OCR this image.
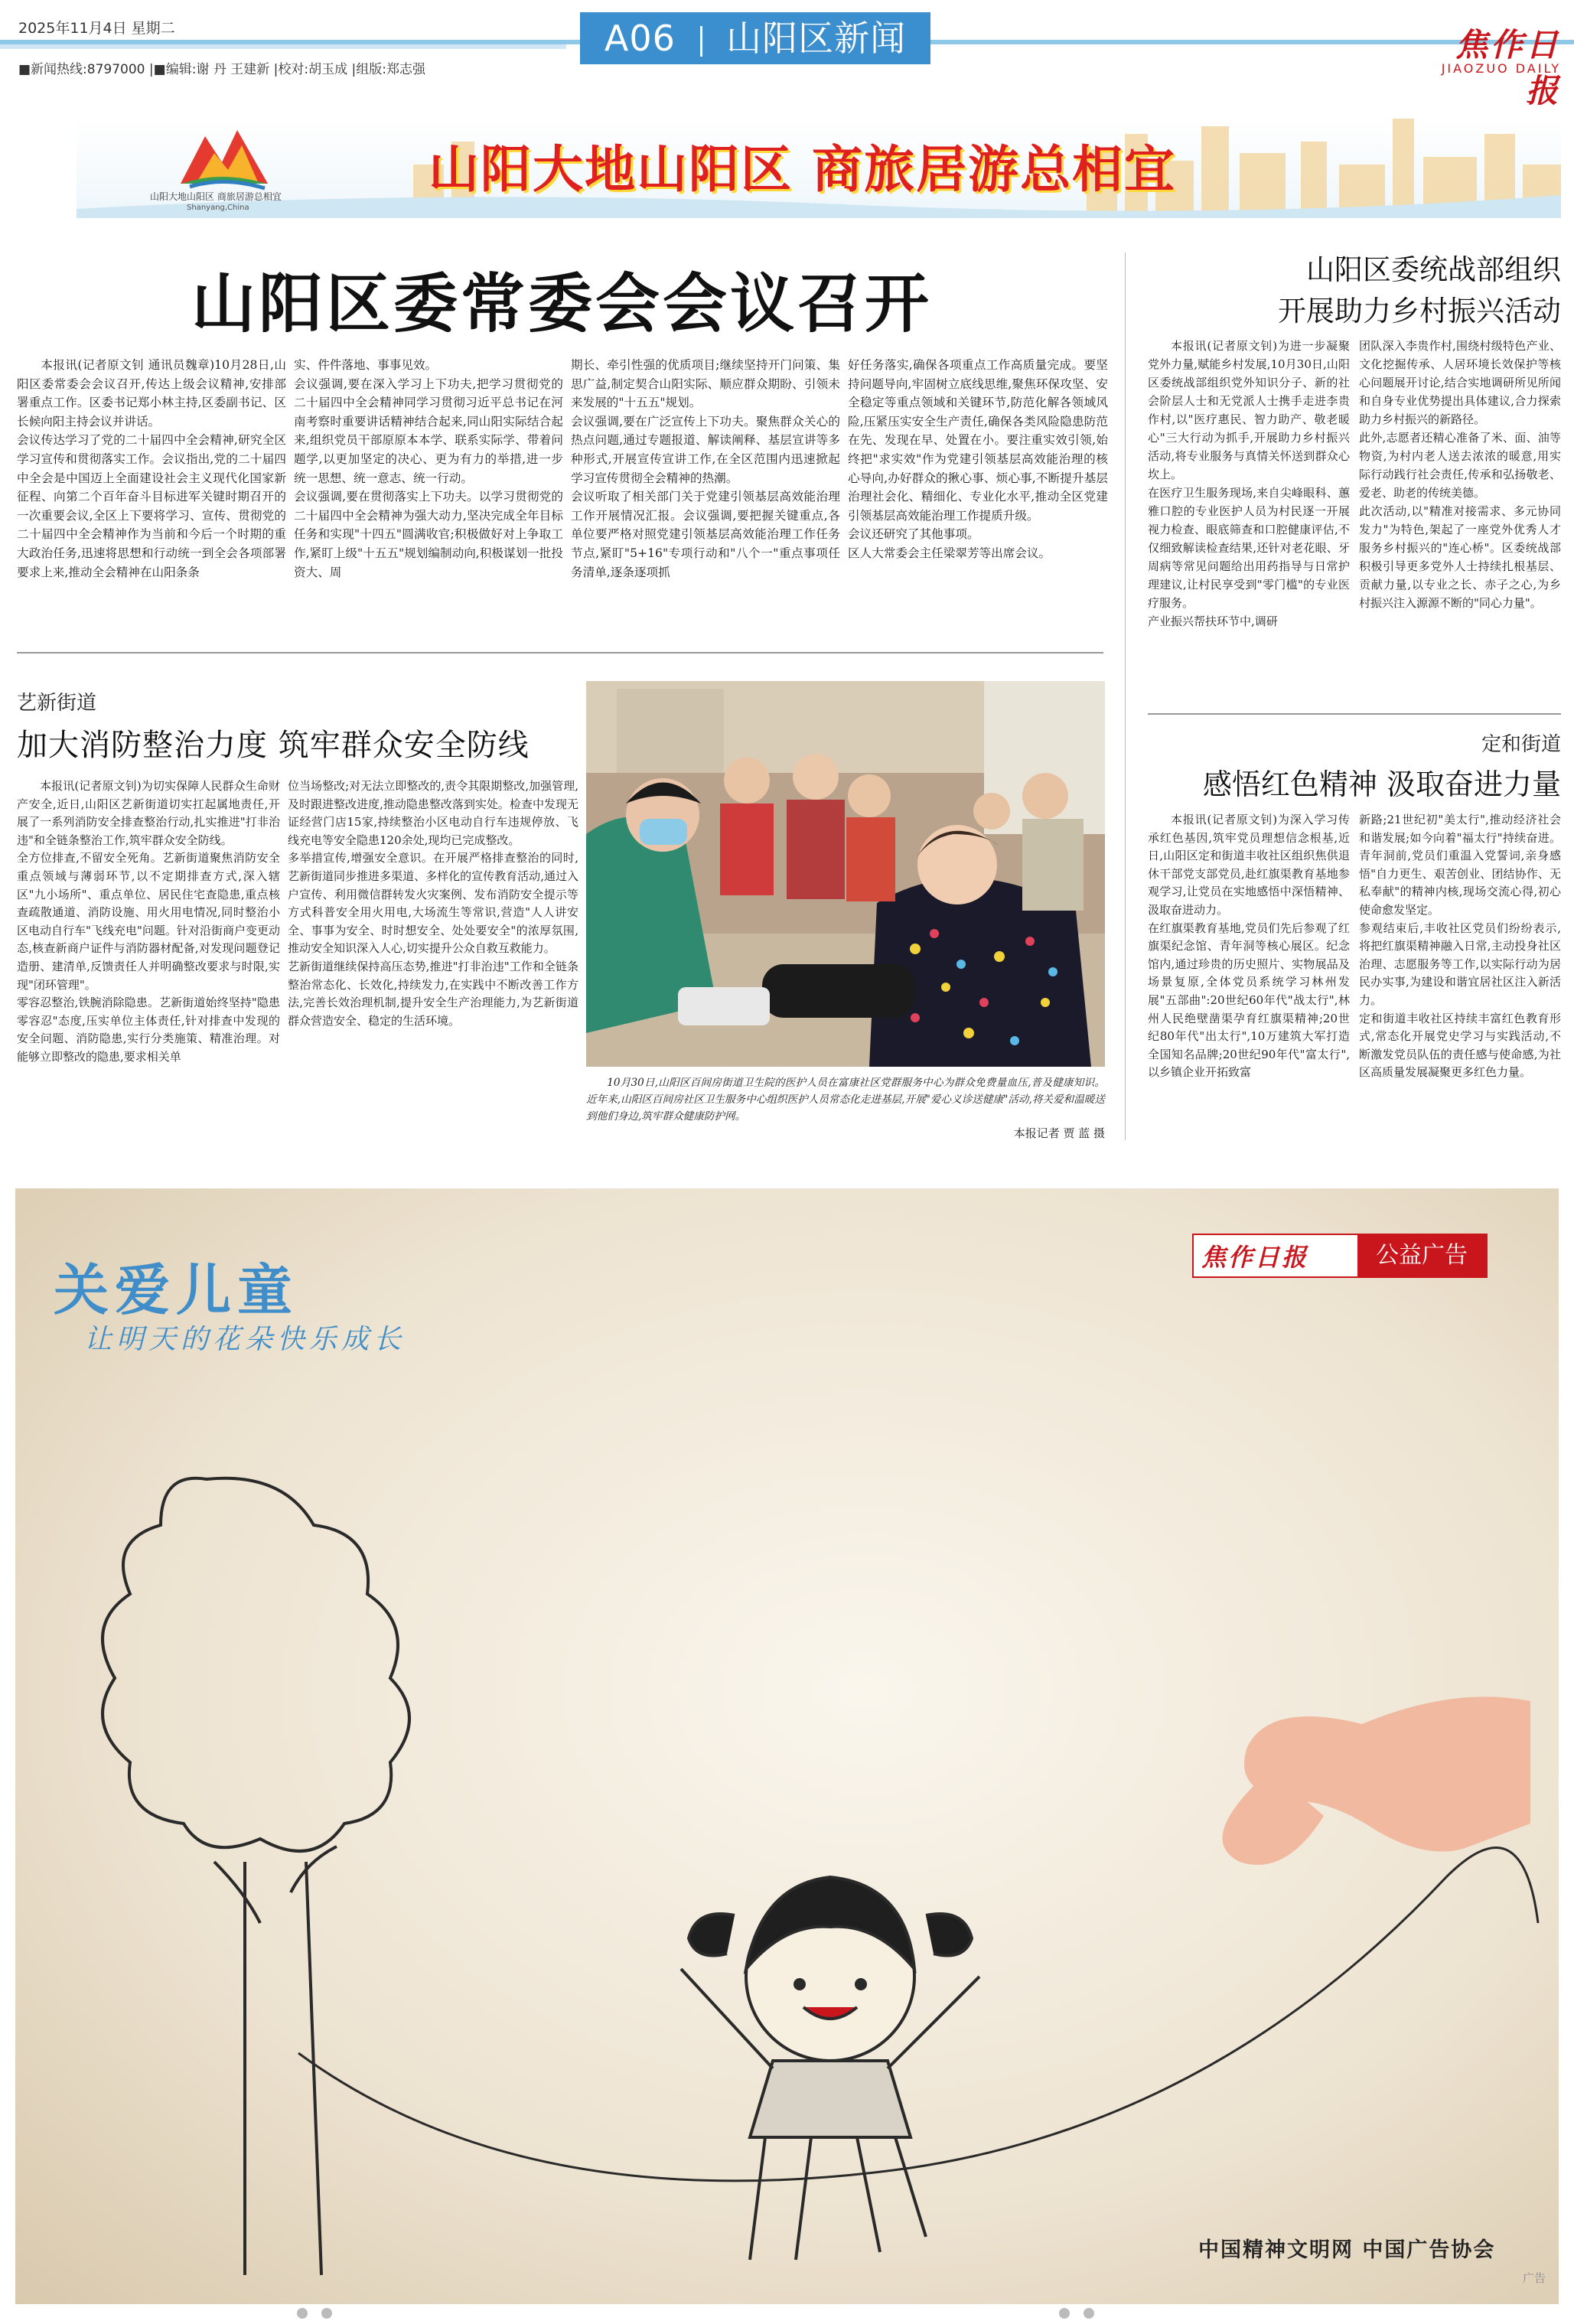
2025年11月4日 星期二	A06 山阳区新闻
■新闻热线:8797000 |■编辑:谢 丹 王建新 |校对:胡玉成 |组版:郑志强
焦作日报
JIAOZUO DAILY
山阳大地山阳区 商旅居游总相宜
Shanyang,China
山阳大地山阳区 商旅居游总相宜
山阳区委常委会会议召开

本报讯(记者原文钊 通讯员魏章)10月28日,山阳区委常委会会议召开,传达上级会议精神,安排部署重点工作。区委书记郑小林主持,区委副书记、区长候向阳主持会议并讲话。
会议传达学习了党的二十届四中全会精神,研究全区学习宣传和贯彻落实工作。会议指出,党的二十届四中全会是中国迈上全面建设社会主义现代化国家新征程、向第二个百年奋斗目标进军关键时期召开的一次重要会议,全区上下要将学习、宣传、贯彻党的二十届四中全会精神作为当前和今后一个时期的重大政治任务,迅速将思想和行动统一到全会各项部署要求上来,推动全会精神在山阳条条

实、件件落地、事事见效。
会议强调,要在深入学习上下功夫,把学习贯彻党的二十届四中全会精神同学习贯彻习近平总书记在河南考察时重要讲话精神结合起来,同山阳实际结合起来,组织党员干部原原本本学、联系实际学、带着问题学,以更加坚定的决心、更为有力的举措,进一步统一思想、统一意志、统一行动。
会议强调,要在贯彻落实上下功夫。以学习贯彻党的二十届四中全会精神为强大动力,坚决完成全年目标任务和实现"十四五"圆满收官;积极做好对上争取工作,紧盯上级"十五五"规划编制动向,积极谋划一批投资大、周

期长、牵引性强的优质项目;继续坚持开门问策、集思广益,制定契合山阳实际、顺应群众期盼、引领未来发展的"十五五"规划。
会议强调,要在广泛宣传上下功夫。聚焦群众关心的热点问题,通过专题报道、解读阐释、基层宣讲等多种形式,开展宣传宣讲工作,在全区范围内迅速掀起学习宣传贯彻全会精神的热潮。
会议听取了相关部门关于党建引领基层高效能治理工作开展情况汇报。会议强调,要把握关键重点,各单位要严格对照党建引领基层高效能治理工作任务节点,紧盯"5+16"专项行动和"八个一"重点事项任务清单,逐条逐项抓

好任务落实,确保各项重点工作高质量完成。要坚持问题导向,牢固树立底线思维,聚焦环保攻坚、安全稳定等重点领域和关键环节,防范化解各领域风险,压紧压实安全生产责任,确保各类风险隐患防范在先、发现在早、处置在小。要注重实效引领,始终把"求实效"作为党建引领基层高效能治理的核心导向,办好群众的揪心事、烦心事,不断提升基层治理社会化、精细化、专业化水平,推动全区党建引领基层高效能治理工作提质升级。
会议还研究了其他事项。
区人大常委会主任梁翠芳等出席会议。

山阳区委统战部组织
开展助力乡村振兴活动

本报讯(记者原文钊)为进一步凝聚党外力量,赋能乡村发展,10月30日,山阳区委统战部组织党外知识分子、新的社会阶层人士和无党派人士携手走进李贵作村,以"医疗惠民、智力助产、敬老暖心"三大行动为抓手,开展助力乡村振兴活动,将专业服务与真情关怀送到群众心坎上。
在医疗卫生服务现场,来自尖峰眼科、蕙雅口腔的专业医护人员为村民逐一开展视力检查、眼底筛查和口腔健康评估,不仅细致解读检查结果,还针对老花眼、牙周病等常见问题给出用药指导与日常护理建议,让村民享受到"零门槛"的专业医疗服务。
产业振兴帮扶环节中,调研

团队深入李贵作村,围绕村级特色产业、文化挖掘传承、人居环境长效保护等核心问题展开讨论,结合实地调研所见所闻和自身专业优势提出具体建议,合力探索助力乡村振兴的新路径。
此外,志愿者还精心准备了米、面、油等物资,为村内老人送去浓浓的暖意,用实际行动践行社会责任,传承和弘扬敬老、爱老、助老的传统美德。
此次活动,以"精准对接需求、多元协同发力"为特色,架起了一座党外优秀人才服务乡村振兴的"连心桥"。区委统战部积极引导更多党外人士持续扎根基层、贡献力量,以专业之长、赤子之心,为乡村振兴注入源源不断的"同心力量"。

艺新街道
加大消防整治力度 筑牢群众安全防线

本报讯(记者原文钊)为切实保障人民群众生命财产安全,近日,山阳区艺新街道切实扛起属地责任,开展了一系列消防安全排查整治行动,扎实推进"打非治违"和全链条整治工作,筑牢群众安全防线。
全方位排查,不留安全死角。艺新街道聚焦消防安全重点领域与薄弱环节,以不定期排查方式,深入辖区"九小场所"、重点单位、居民住宅查隐患,重点核查疏散通道、消防设施、用火用电情况,同时整治小区电动自行车"飞线充电"问题。针对沿街商户变更动态,核查新商户证件与消防器材配备,对发现问题登记造册、建清单,反馈责任人并明确整改要求与时限,实现"闭环管理"。
零容忍整治,铁腕消除隐患。艺新街道始终坚持"隐患零容忍"态度,压实单位主体责任,针对排查中发现的安全问题、消防隐患,实行分类施策、精准治理。对能够立即整改的隐患,要求相关单

位当场整改;对无法立即整改的,责令其限期整改,加强管理,及时跟进整改进度,推动隐患整改落到实处。检查中发现无证经营门店15家,持续整治小区电动自行车违规停放、飞线充电等安全隐患120余处,现均已完成整改。
多举措宣传,增强安全意识。在开展严格排查整治的同时,艺新街道同步推进多渠道、多样化的宣传教育活动,通过入户宣传、利用微信群转发火灾案例、发布消防安全提示等方式科普安全用火用电,大场流生等常识,营造"人人讲安全、事事为安全、时时想安全、处处要安全"的浓厚氛围,推动安全知识深入人心,切实提升公众自救互救能力。
艺新街道继续保持高压态势,推进"打非治违"工作和全链条整治常态化、长效化,持续发力,在实践中不断改善工作方法,完善长效治理机制,提升安全生产治理能力,为艺新街道群众营造安全、稳定的生活环境。

10月30日,山阳区百间房街道卫生院的医护人员在富康社区党群服务中心为群众免费量血压,普及健康知识。近年来,山阳区百间房社区卫生服务中心组织医护人员常态化走进基层,开展"爱心义诊送健康"活动,将关爱和温暖送到他们身边,筑牢群众健康防护网。
本报记者 贾 蓝 摄
定和街道
感悟红色精神 汲取奋进力量

本报讯(记者原文钊)为深入学习传承红色基因,筑牢党员理想信念根基,近日,山阳区定和街道丰收社区组织焦供退休干部党支部党员,赴红旗渠教育基地参观学习,让党员在实地感悟中深悟精神、汲取奋进动力。
在红旗渠教育基地,党员们先后参观了红旗渠纪念馆、青年洞等核心展区。纪念馆内,通过珍贵的历史照片、实物展品及场景复原,全体党员系统学习林州发展"五部曲":20世纪60年代"战太行",林州人民绝壁凿渠孕育红旗渠精神;20世纪80年代"出太行",10万建筑大军打造全国知名品牌;20世纪90年代"富太行",以乡镇企业开拓致富

新路;21世纪初"美太行",推动经济社会和谐发展;如今向着"福太行"持续奋进。青年洞前,党员们重温入党誓词,亲身感悟"自力更生、艰苦创业、团结协作、无私奉献"的精神内核,现场交流心得,初心使命愈发坚定。
参观结束后,丰收社区党员们纷纷表示,将把红旗渠精神融入日常,主动投身社区治理、志愿服务等工作,以实际行动为居民办实事,为建设和谐宜居社区注入新活力。
定和街道丰收社区持续丰富红色教育形式,常态化开展党史学习与实践活动,不断激发党员队伍的责任感与使命感,为社区高质量发展凝聚更多红色力量。

关爱儿童
让明天的花朵快乐成长
焦作日报	公益广告
中国精神文明网 中国广告协会
广告
